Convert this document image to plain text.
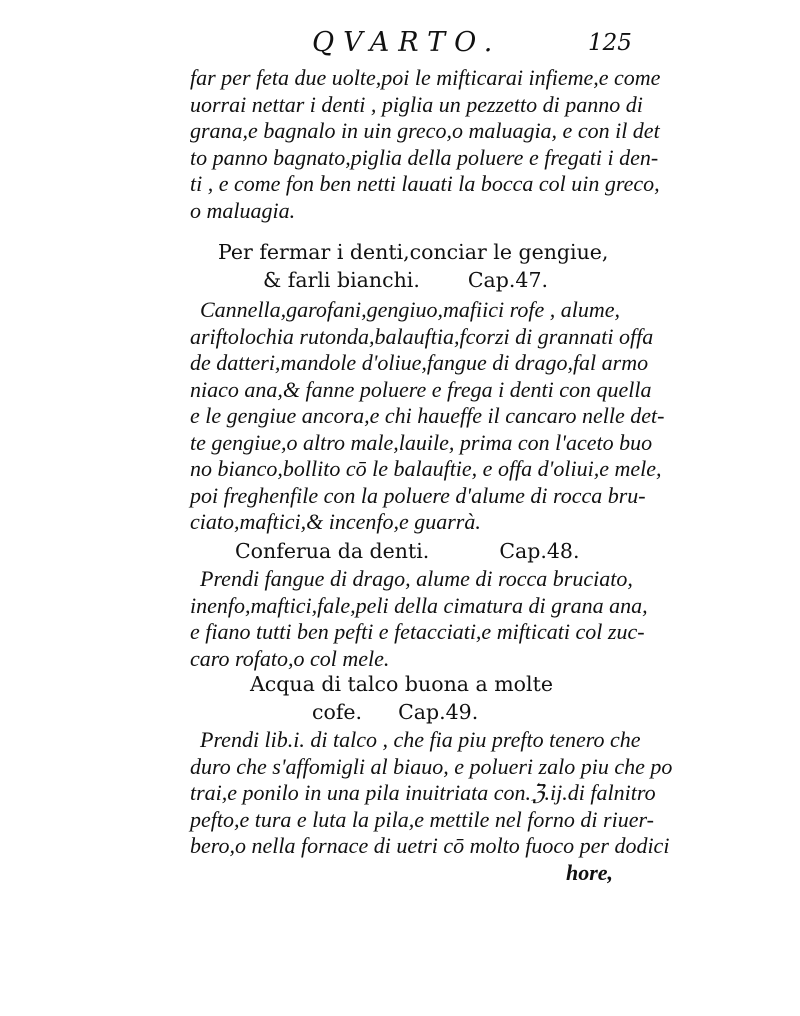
QVARTO.	125
far per feta due uolte,poi le mifticarai infieme,e come
uorrai nettar i denti , piglia un pezzetto di panno di
grana,e bagnalo in uin greco,o maluagia, e con il det
to panno bagnato,piglia della poluere e fregati i den-
ti , e come fon ben netti lauati la bocca col uin greco,
o maluagia.
Per fermar i denti,conciar le gengiue,
& farli bianchi. Cap.47.
Cannella,garofani,gengiuo,mafiici rofe , alume,
ariftolochia rutonda,balauftia,fcorzi di grannati offa
de datteri,mandole d'oliue,fangue di drago,fal armo
niaco ana,& fanne poluere e frega i denti con quella
e le gengiue ancora,e chi haueffe il cancaro nelle det-
te gengiue,o altro male,lauile, prima con l'aceto buo
no bianco,bollito cō le balauftie, e offa d'oliui,e mele,
poi freghenfile con la poluere d'alume di rocca bru-
ciato,maftici,& incenfo,e guarrà.
Conferua da denti.	Cap.48.
Prendi fangue di drago, alume di rocca bruciato,
inenfo,maftici,fale,peli della cimatura di grana ana,
e fiano tutti ben pefti e fetacciati,e mifticati col zuc-
caro rofato,o col mele.
Acqua di talco buona a molte
cofe. Cap.49.
Prendi lib.i. di talco , che fia piu prefto tenero che
duro che s'affomigli al biauo, e polueri zalo piu che po
trai,e ponilo in una pila inuitriata con.ℨ.ij.di falnitro
pefto,e tura e luta la pila,e mettile nel forno di riuer-
bero,o nella fornace di uetri cō molto fuoco per dodici
hore,
